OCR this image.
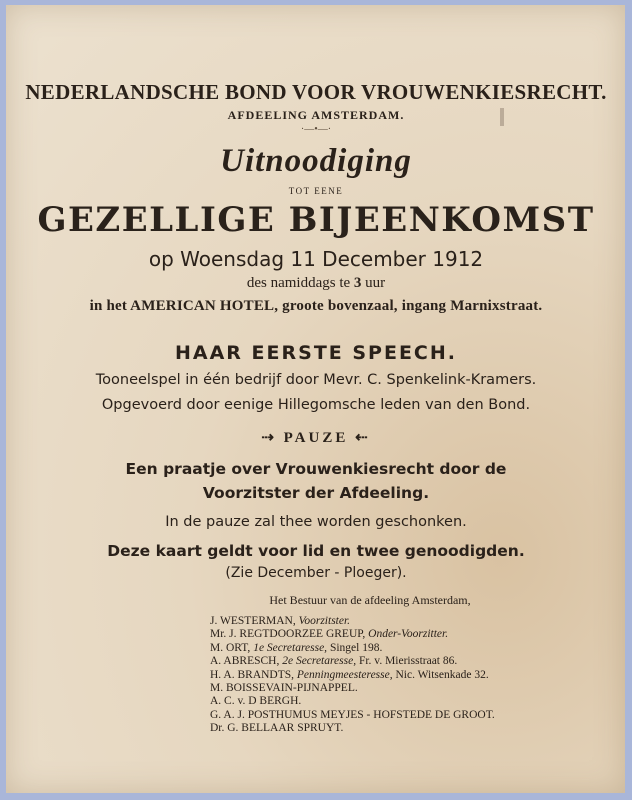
NEDERLANDSCHE BOND VOOR VROUWENKIESRECHT.
AFDEELING AMSTERDAM.
·—•—·
Uitnoodiging
TOT EENE
GEZELLIGE BIJEENKOMST
op Woensdag 11 December 1912
des namiddags te 3 uur
in het AMERICAN HOTEL, groote bovenzaal, ingang Marnixstraat.
HAAR EERSTE SPEECH.
Tooneelspel in één bedrijf door Mevr. C. Spenkelink-Kramers.
Opgevoerd door eenige Hillegomsche leden van den Bond.
⇢ PAUZE ⇠
Een praatje over Vrouwenkiesrecht door de
Voorzitster der Afdeeling.
In de pauze zal thee worden geschonken.
Deze kaart geldt voor lid en twee genoodigden.
(Zie December - Ploeger).
Het Bestuur van de afdeeling Amsterdam,
J. WESTERMAN, Voorzitster.
Mr. J. REGTDOORZEE GREUP, Onder-Voorzitter.
M. ORT, 1e Secretaresse, Singel 198.
A. ABRESCH, 2e Secretaresse, Fr. v. Mierisstraat 86.
H. A. BRANDTS, Penningmeesteresse, Nic. Witsenkade 32.
M. BOISSEVAIN-PIJNAPPEL.
A. C. v. D BERGH.
G. A. J. POSTHUMUS MEYJES - HOFSTEDE DE GROOT.
Dr. G. BELLAAR SPRUYT.
